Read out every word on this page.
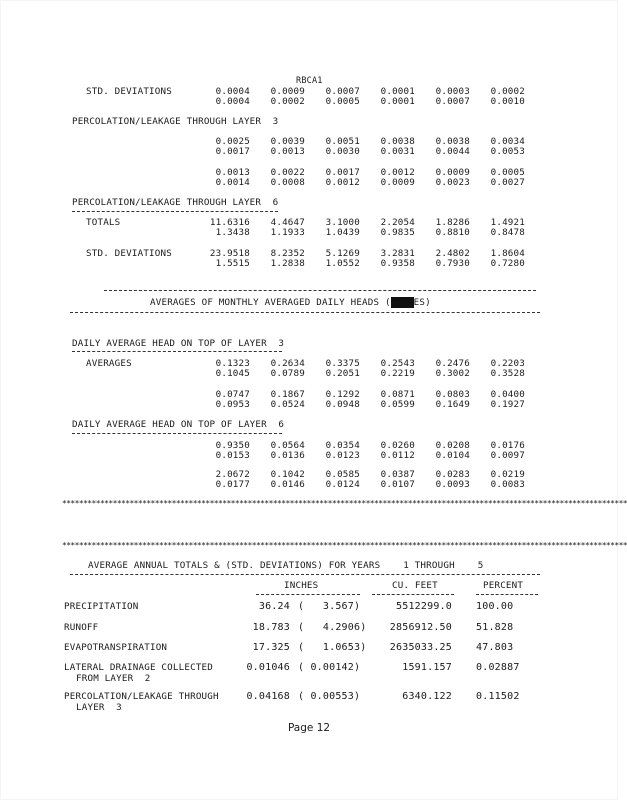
RBCA1
STD. DEVIATIONS	0.0004 0.0009 0.0007 0.0001 0.0003 0.0002
0.0004 0.0002 0.0005 0.0001 0.0007 0.0010
PERCOLATION/LEAKAGE THROUGH LAYER  3
0.0025 0.0039 0.0051 0.0038 0.0038 0.0034
0.0017 0.0013 0.0030 0.0031 0.0044 0.0053
0.0013 0.0022 0.0017 0.0012 0.0009 0.0005
0.0014 0.0008 0.0012 0.0009 0.0023 0.0027
PERCOLATION/LEAKAGE THROUGH LAYER  6
TOTALS	11.6316 4.4647 3.1000 2.2054 1.8286 1.4921
1.3438 1.1933 1.0439 0.9835 0.8810 0.8478
STD. DEVIATIONS	23.9518 8.2352 5.1269 3.2831 2.4802 1.8604
1.5515 1.2838 1.0552 0.9358 0.7930 0.7280
AVERAGES OF MONTHLY AVERAGED DAILY HEADS (INCHES)
DAILY AVERAGE HEAD ON TOP OF LAYER  3
AVERAGES	0.1323 0.2634 0.3375 0.2543 0.2476 0.2203
0.1045 0.0789 0.2051 0.2219 0.3002 0.3528
0.0747 0.1867 0.1292 0.0871 0.0803 0.0400
0.0953 0.0524 0.0948 0.0599 0.1649 0.1927
DAILY AVERAGE HEAD ON TOP OF LAYER  6
0.9350 0.0564 0.0354 0.0260 0.0208 0.0176
0.0153 0.0136 0.0123 0.0112 0.0104 0.0097
2.0672 0.1042 0.0585 0.0387 0.0283 0.0219
0.0177 0.0146 0.0124 0.0107 0.0093 0.0083
**************************************************************************************************************************************
**************************************************************************************************************************************
AVERAGE ANNUAL TOTALS & (STD. DEVIATIONS) FOR YEARS    1 THROUGH    5
INCHES	CU. FEET	PERCENT
PRECIPITATION	36.24 (   3.567)	5512299.0 100.00
RUNOFF	18.783 (   4.2906) 2856912.50 51.828
EVAPOTRANSPIRATION	17.325 (   1.0653) 2635033.25 47.803
LATERAL DRAINAGE COLLECTED
FROM LAYER  2
0.01046 ( 0.00142)	1591.157 0.02887
PERCOLATION/LEAKAGE THROUGH
LAYER  3
0.04168 ( 0.00553)	6340.122 0.11502
Page 12
